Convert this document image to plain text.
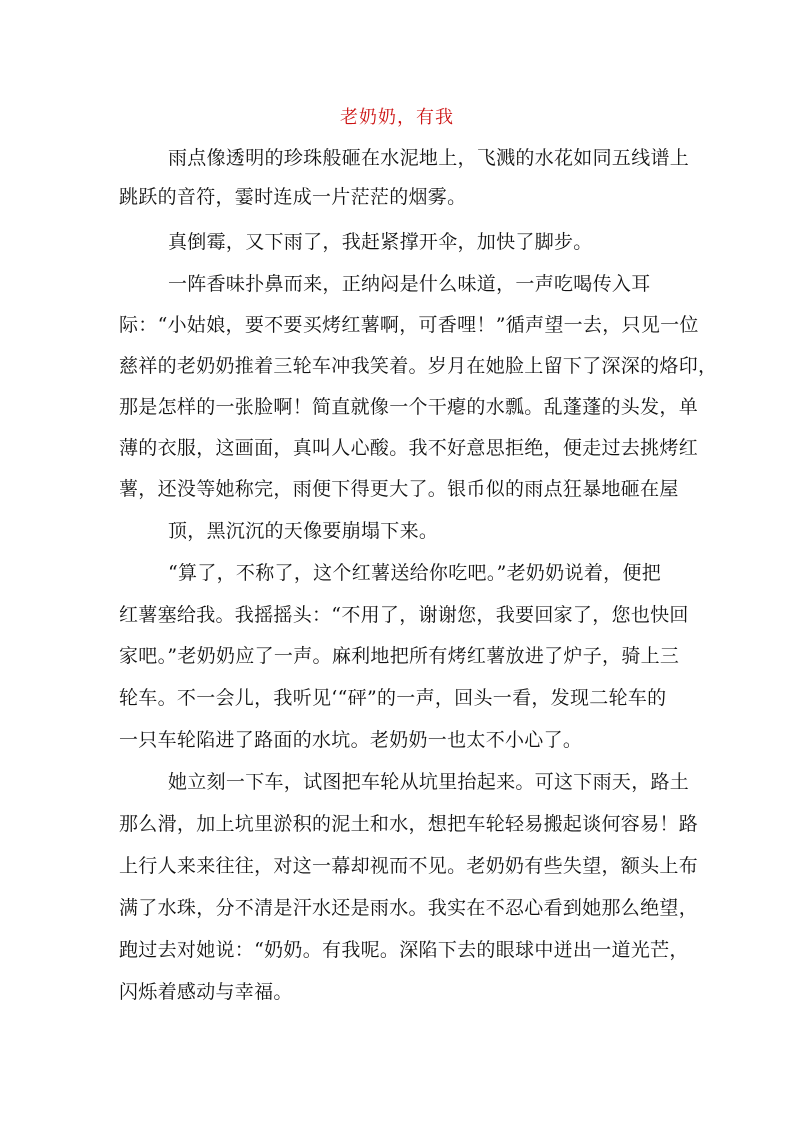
老奶奶，有我
雨点像透明的珍珠般砸在水泥地上，飞溅的水花如同五线谱上
跳跃的音符，霎时连成一片茫茫的烟雾。
真倒霉，又下雨了，我赶紧撑开伞，加快了脚步。
一阵香味扑鼻而来，正纳闷是什么味道，一声吃喝传入耳
际：“小姑娘，要不要买烤红薯啊，可香哩！”循声望一去，只见一位
慈祥的老奶奶推着三轮车冲我笑着。岁月在她脸上留下了深深的烙印，
那是怎样的一张脸啊！简直就像一个干瘪的水瓢。乱蓬蓬的头发，单
薄的衣服，这画面，真叫人心酸。我不好意思拒绝，便走过去挑烤红
薯，还没等她称完，雨便下得更大了。银币似的雨点狂暴地砸在屋
顶，黑沉沉的天像要崩塌下来。
“算了，不称了，这个红薯送给你吃吧。”老奶奶说着，便把
红薯塞给我。我摇摇头：“不用了，谢谢您，我要回家了，您也快回
家吧。”老奶奶应了一声。麻利地把所有烤红薯放进了炉子，骑上三
轮车。不一会儿，我听见‘“砰”的一声，回头一看，发现二轮车的
一只车轮陷进了路面的水坑。老奶奶一也太不小心了。
她立刻一下车，试图把车轮从坑里抬起来。可这下雨天，路土
那么滑，加上坑里淤积的泥土和水，想把车轮轻易搬起谈何容易！路
上行人来来往往，对这一幕却视而不见。老奶奶有些失望，额头上布
满了水珠，分不清是汗水还是雨水。我实在不忍心看到她那么绝望，
跑过去对她说：“奶奶。有我呢。深陷下去的眼球中迸出一道光芒，
闪烁着感动与幸福。
